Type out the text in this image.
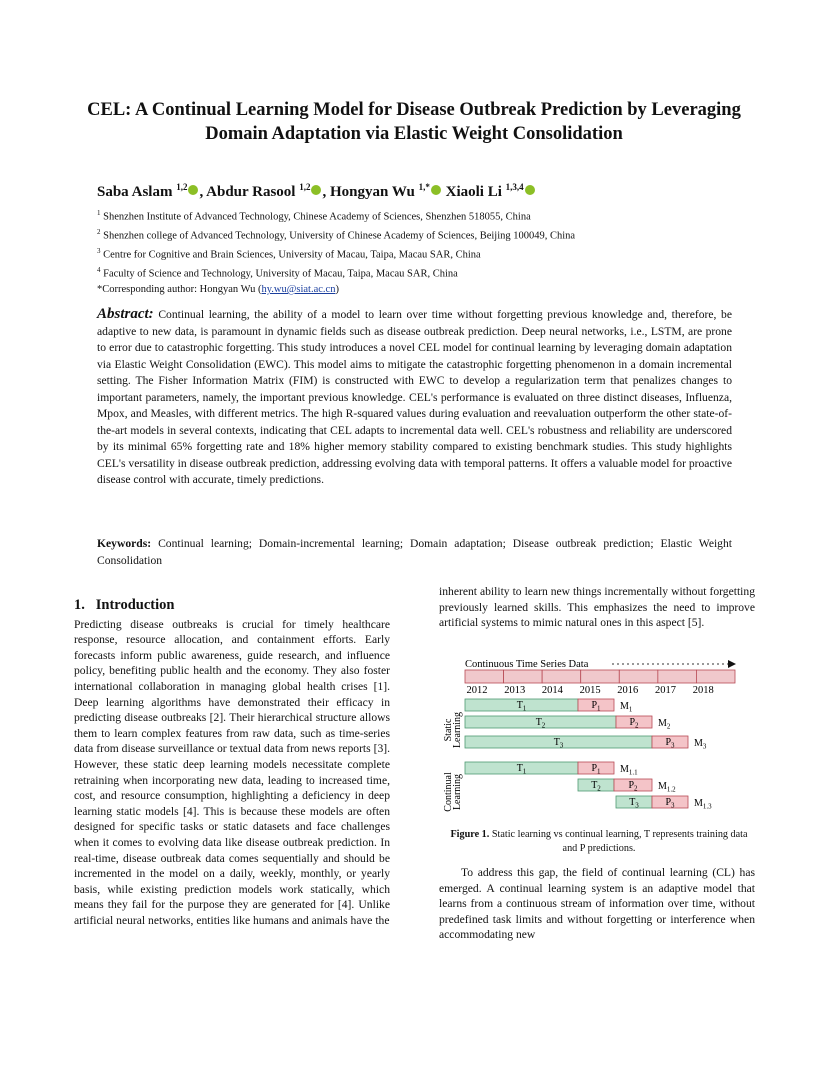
CEL: A Continual Learning Model for Disease Outbreak Prediction by Leveraging Domain Adaptation via Elastic Weight Consolidation
Saba Aslam $^{1,2}$ , Abdur Rasool $^{1,2}$ , Hongyan Wu $^{1,*}$ Xiaoli Li $^{1,3,4}$
$^1$ Shenzhen Institute of Advanced Technology, Chinese Academy of Sciences, Shenzhen 518055, China
$^2$ Shenzhen college of Advanced Technology, University of Chinese Academy of Sciences, Beijing 100049, China
$^3$ Centre for Cognitive and Brain Sciences, University of Macau, Taipa, Macau SAR, China
$^4$ Faculty of Science and Technology, University of Macau, Taipa, Macau SAR, China
*Corresponding author: Hongyan Wu (hy.wu@siat.ac.cn)
Abstract: Continual learning, the ability of a model to learn over time without forgetting previous knowledge and, therefore, be adaptive to new data, is paramount in dynamic fields such as disease outbreak prediction. Deep neural networks, i.e., LSTM, are prone to error due to catastrophic forgetting. This study introduces a novel CEL model for continual learning by leveraging domain adaptation via Elastic Weight Consolidation (EWC). This model aims to mitigate the catastrophic forgetting phenomenon in a domain incremental setting. The Fisher Information Matrix (FIM) is constructed with EWC to develop a regularization term that penalizes changes to important parameters, namely, the important previous knowledge. CEL's performance is evaluated on three distinct diseases, Influenza, Mpox, and Measles, with different metrics. The high R-squared values during evaluation and reevaluation outperform the other state-of-the-art models in several contexts, indicating that CEL adapts to incremental data well. CEL's robustness and reliability are underscored by its minimal 65% forgetting rate and 18% higher memory stability compared to existing benchmark studies. This study highlights CEL's versatility in disease outbreak prediction, addressing evolving data with temporal patterns. It offers a valuable model for proactive disease control with accurate, timely predictions.
Keywords: Continual learning; Domain-incremental learning; Domain adaptation; Disease outbreak prediction; Elastic Weight Consolidation
1.   Introduction
Predicting disease outbreaks is crucial for timely healthcare response, resource allocation, and containment efforts. Early forecasts inform public awareness, guide research, and influence policy, benefiting public health and the economy. They also foster international collaboration in managing global health crises [1]. Deep learning algorithms have demonstrated their efficacy in predicting disease outbreaks [2]. Their hierarchical structure allows them to learn complex features from raw data, such as time-series data from disease surveillance or textual data from news reports [3]. However, these static deep learning models necessitate complete retraining when incorporating new data, leading to increased time, cost, and resource consumption, highlighting a deficiency in deep learning static models [4]. This is because these models are often designed for specific tasks or static datasets and face challenges when it comes to evolving data like disease outbreak prediction. In real-time, disease outbreak data comes sequentially and should be incremented in the model on a daily, weekly, monthly, or yearly basis, while existing prediction models work statically, which means they fail for the purpose they are generated for [4]. Unlike artificial neural networks, entities like humans and animals have the
inherent ability to learn new things incrementally without forgetting previously learned skills. This emphasizes the need to improve artificial systems to mimic natural ones in this aspect [5].
Continuous Time Series Data
2012 2013 2014 2015 2016 2017 2018
Static
Learning
Continual
Learning
$T_1$	$P_1$ $M_1$
$T_2$	$P_2$ $M_2$
$T_3$	$P_3$ $M_3$
$T_1$	$P_1$ $M_{1.1}$
$T_2$	$P_2$ $M_{1.2}$
$T_3$	$P_3$ $M_{1.3}$
Figure 1. Static learning vs continual learning, T represents training data and P predictions.
To address this gap, the field of continual learning (CL) has emerged. A continual learning system is an adaptive model that learns from a continuous stream of information over time, without predefined task limits and without forgetting or interference when accommodating new
